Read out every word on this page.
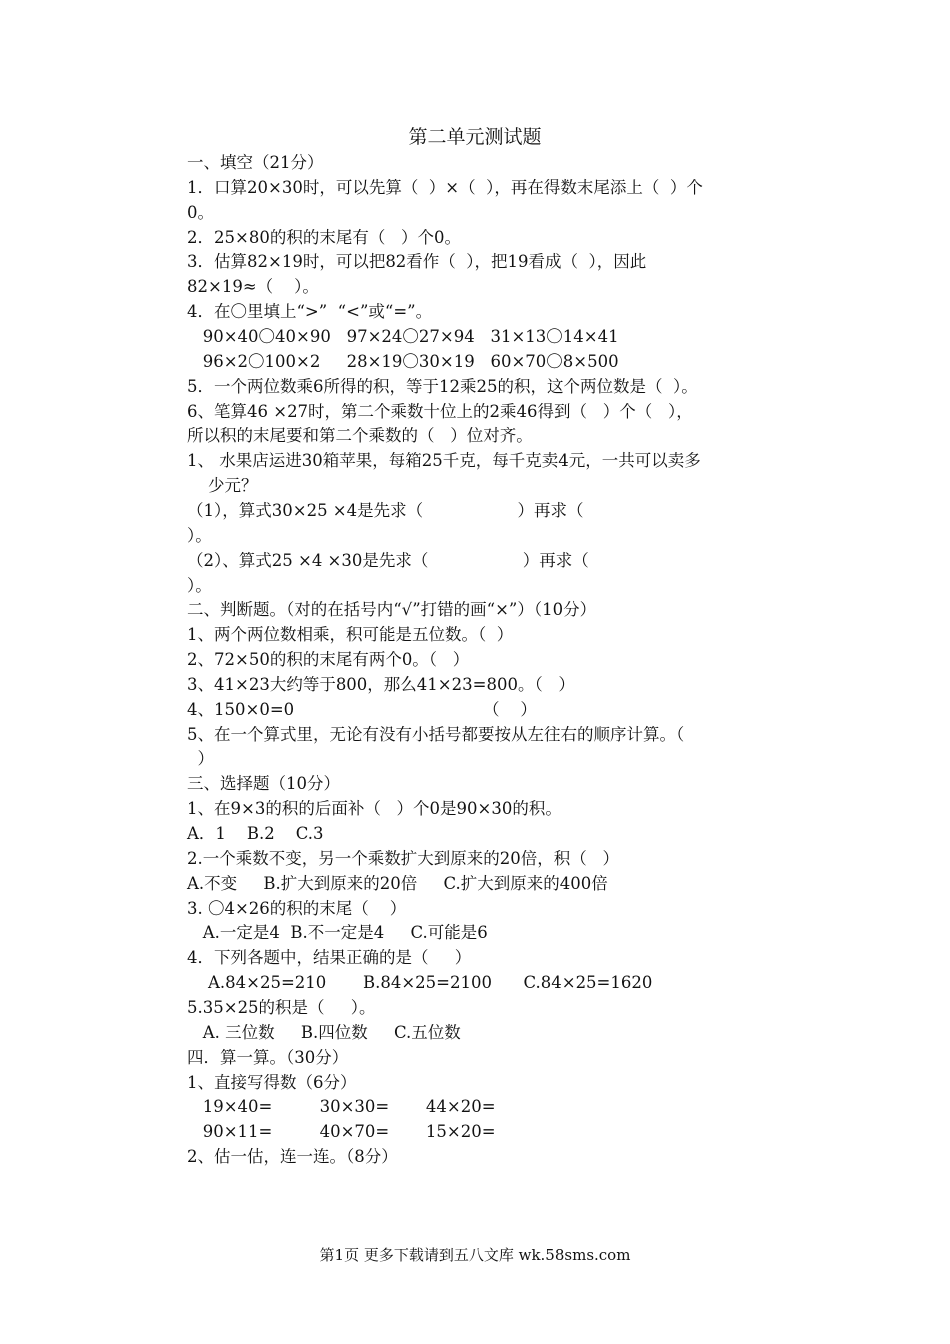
第二单元测试题
一、填空（21分）
1．口算20×30时，可以先算（  ）×（  ），再在得数末尾添上（  ）个
0。
2．25×80的积的末尾有（   ）个0。
3．估算82×19时，可以把82看作（  ），把19看成（  ），因此
82×19≈（    ）。
4．在〇里填上“>”  “<”或“=”。
90×40〇40×90   97×24〇27×94   31×13〇14×41
96×2〇100×2     28×19〇30×19   60×70〇8×500
5．一个两位数乘6所得的积，等于12乘25的积，这个两位数是（  ）。
6、笔算46 ×27时，第二个乘数十位上的2乘46得到（   ）个（   ），
所以积的末尾要和第二个乘数的（   ）位对齐。
1、 水果店运进30箱苹果，每箱25千克，每千克卖4元，一共可以卖多
少元？
（1），算式30×25 ×4是先求（                  ）再求（
）。
（2）、算式25 ×4 ×30是先求（                  ）再求（
）。
二、判断题。（对的在括号内“√”打错的画“×”）（10分）
1、两个两位数相乘，积可能是五位数。（  ）
2、72×50的积的末尾有两个0。（   ）
3、41×23大约等于800，那么41×23=800。（   ）
4、150×0=0                                    （    ）
5、在一个算式里，无论有没有小括号都要按从左往右的顺序计算。（
）
三、选择题（10分）
1、在9×3的积的后面补（   ）个0是90×30的积。
A．1    B.2    C.3
2.一个乘数不变，另一个乘数扩大到原来的20倍，积（   ）
A.不变     B.扩大到原来的20倍     C.扩大到原来的400倍
3. 〇4×26的积的末尾（    ）
A.一定是4  B.不一定是4     C.可能是6
4．下列各题中，结果正确的是（     ）
A.84×25=210       B.84×25=2100      C.84×25=1620
5.35×25的积是（     ）。
A. 三位数     B.四位数     C.五位数
四．算一算。（30分）
1、直接写得数（6分）
19×40=         30×30=       44×20=
90×11=         40×70=       15×20=
2、估一估，连一连。（8分）
第1页 更多下载请到五八文库 wk.58sms.com
